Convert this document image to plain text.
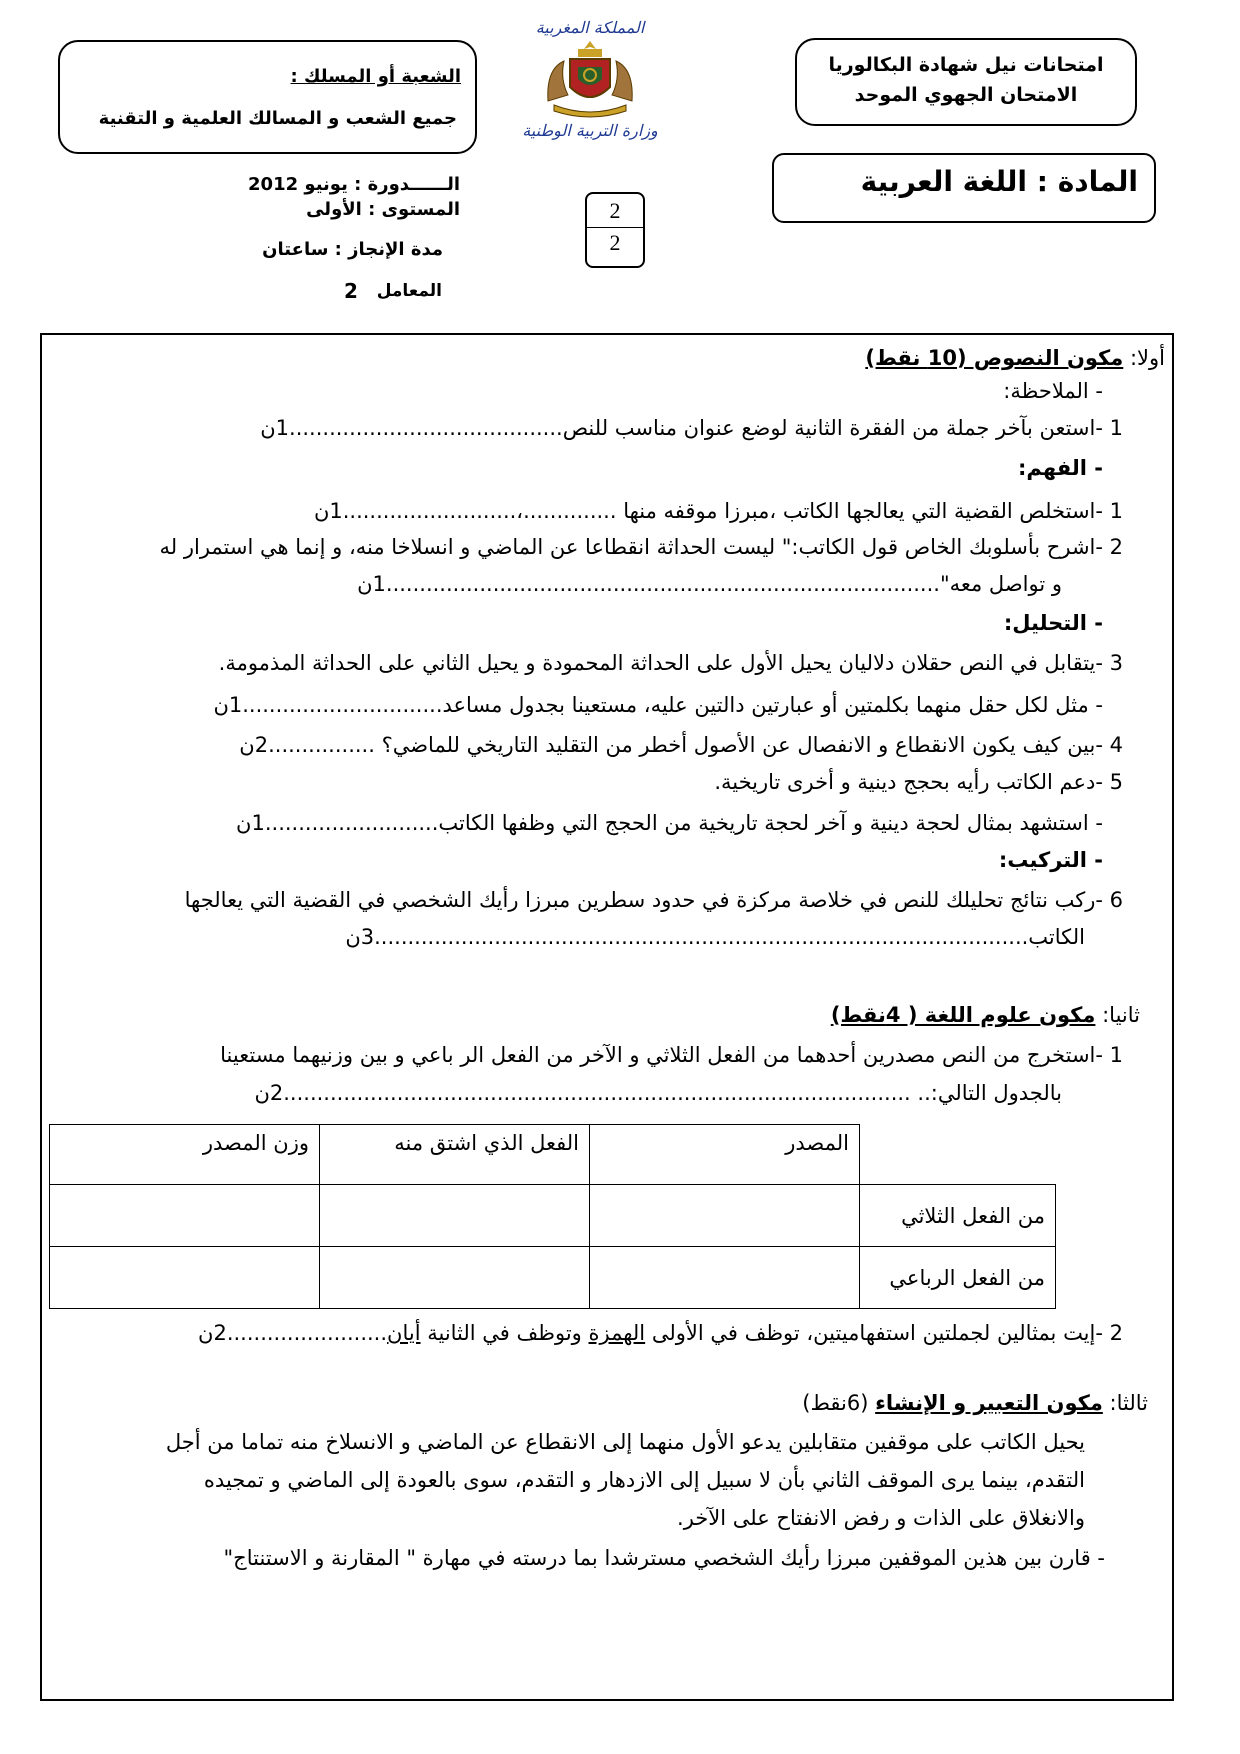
امتحانات نيل شهادة البكالوريا
الامتحان الجهوي الموحد
الشعبة أو المسلك :
جميع الشعب و المسالك العلمية و التقنية
المملكة المغربية
وزارة التربية الوطنية
المادة : اللغة العربية
الــــــدورة : يونيو 2012
المستوى : الأولى
مدة الإنجاز : ساعتان
المعامل
2
2
2
أولا: مكون النصوص (10 نقط)
- الملاحظة:
1 -استعن بآخر جملة من الفقرة الثانية لوضع عنوان مناسب للنص.........................................1ن
- الفهم:
1 -استخلص القضية التي يعالجها الكاتب ،مبرزا موقفه منها ..............،..........................1ن
2 -اشرح بأسلوبك الخاص قول الكاتب:" ليست الحداثة انقطاعا عن الماضي و انسلاخا منه، و إنما هي استمرار له
و تواصل معه"...................................................................................1ن
- التحليل:
3 -يتقابل في النص حقلان دلاليان يحيل الأول على الحداثة المحمودة و يحيل الثاني على الحداثة المذمومة.
- مثل لكل حقل منهما بكلمتين أو عبارتين دالتين عليه، مستعينا بجدول مساعد..............................1ن
4 -بين كيف يكون الانقطاع و الانفصال عن الأصول أخطر من التقليد التاريخي للماضي؟ ................2ن
5 -دعم الكاتب رأيه بحجج دينية و أخرى تاريخية.
- استشهد بمثال لحجة دينية و آخر لحجة تاريخية من الحجج التي وظفها الكاتب..........................1ن
- التركيب:
6 -ركب نتائج تحليلك للنص في خلاصة مركزة في حدود سطرين مبرزا رأيك الشخصي في القضية التي يعالجها
الكاتب..................................................................................................3ن
ثانيا: مكون علوم اللغة ( 4نقط)
1 -استخرج من النص مصدرين أحدهما من الفعل الثلاثي و الآخر من الفعل الر باعي و بين وزنيهما مستعينا
بالجدول التالي:.. ..............................................................................................2ن
	المصدر	الفعل الذي اشتق منه	وزن المصدر
من الفعل الثلاثي			
من الفعل الرباعي			
2 -إيت بمثالين لجملتين استفهاميتين، توظف في الأولى الهمزة وتوظف في الثانية أيان........................2ن
ثالثا: مكون التعبير و الإنشاء (6نقط)
يحيل الكاتب على موقفين متقابلين يدعو الأول منهما إلى الانقطاع عن الماضي و الانسلاخ منه تماما من أجل
التقدم، بينما يرى الموقف الثاني بأن لا سبيل إلى الازدهار و التقدم، سوى بالعودة إلى الماضي و تمجيده
والانغلاق على الذات و رفض الانفتاح على الآخر.
- قارن بين هذين الموقفين مبرزا رأيك الشخصي مسترشدا بما درسته في مهارة " المقارنة و الاستنتاج"
